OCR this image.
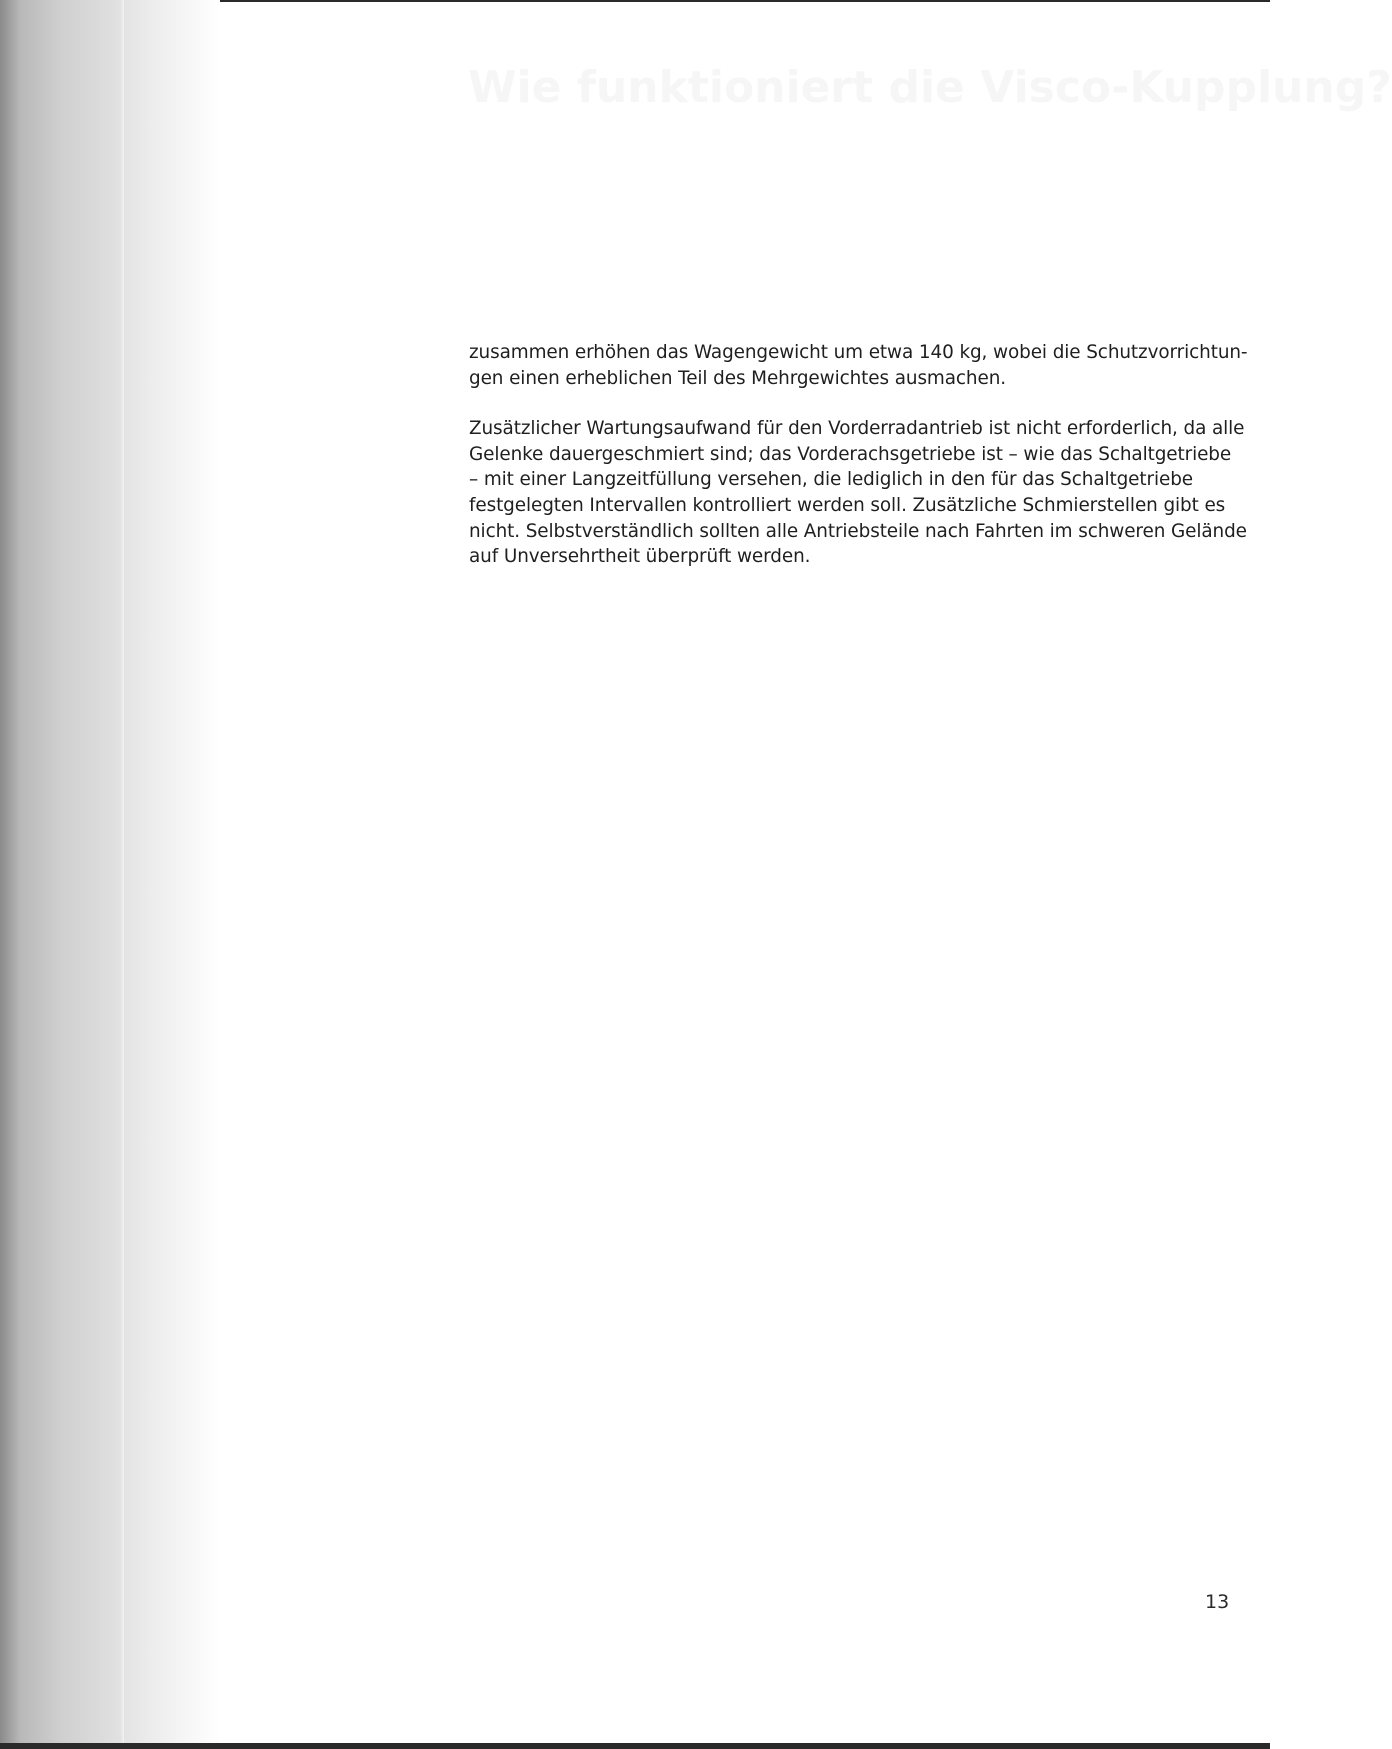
Wie funktioniert die Visco-Kupplung?

zusammen erhöhen das Wagengewicht um etwa 140 kg, wobei die Schutzvorrichtun-
gen einen erheblichen Teil des Mehrgewichtes ausmachen.

Zusätzlicher Wartungsaufwand für den Vorderradantrieb ist nicht erforderlich, da alle
Gelenke dauergeschmiert sind; das Vorderachsgetriebe ist – wie das Schaltgetriebe
– mit einer Langzeitfüllung versehen, die lediglich in den für das Schaltgetriebe
festgelegten Intervallen kontrolliert werden soll. Zusätzliche Schmierstellen gibt es
nicht. Selbstverständlich sollten alle Antriebsteile nach Fahrten im schweren Gelände
auf Unversehrtheit überprüft werden.

13
